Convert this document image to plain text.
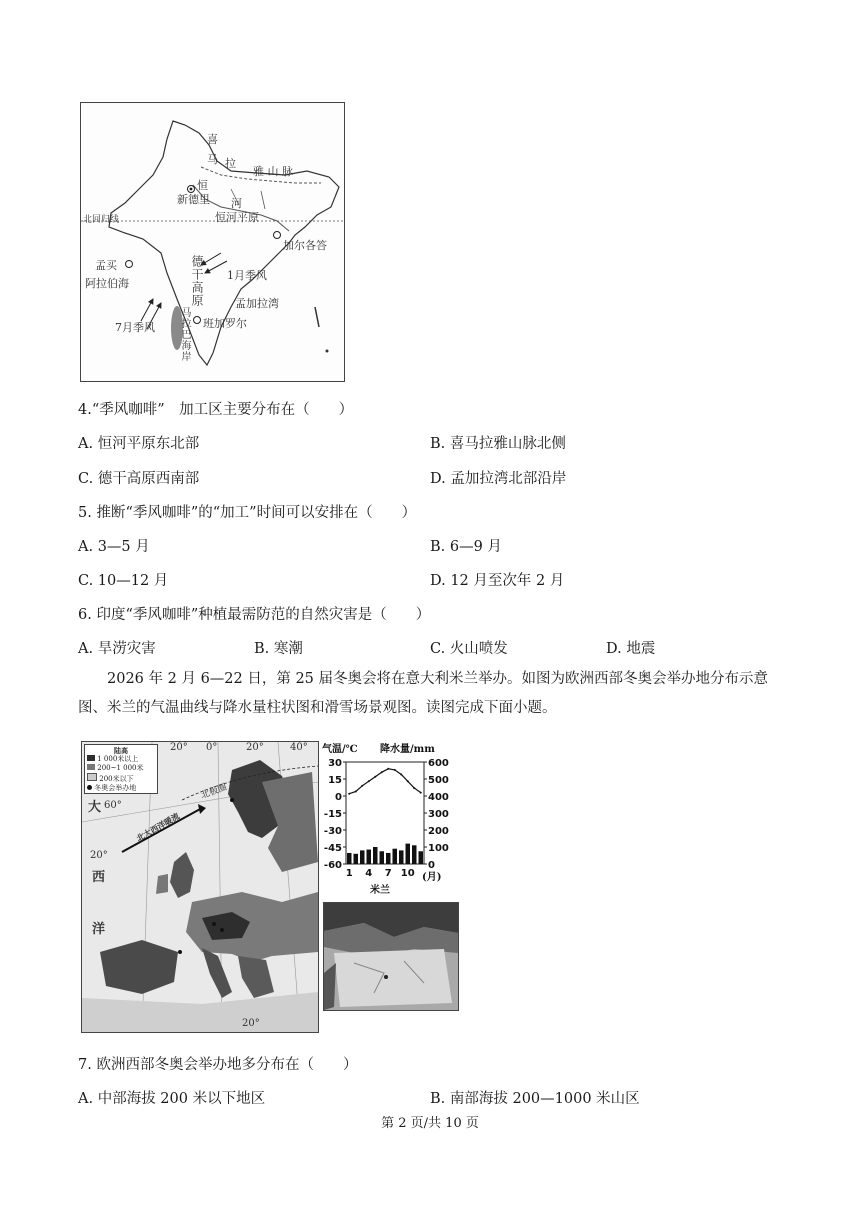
喜
马 拉
雅 山 脉
恒
新德里 河
恒河平原
北回归线
加尔各答
孟买
阿拉伯海	德干高原 1月季风
孟加拉湾
7月季风	班加罗尔
马拉巴海岸
4.“季风咖啡”　加工区主要分布在（　　）
A. 恒河平原东北部	B. 喜马拉雅山脉北侧
C. 德干高原西南部	D. 孟加拉湾北部沿岸
5. 推断“季风咖啡”的“加工”时间可以安排在（　　）
A. 3—5 月	B. 6—9 月
C. 10—12 月	D. 12 月至次年 2 月
6. 印度“季风咖啡”种植最需防范的自然灾害是（　　）
A. 旱涝灾害	B. 寒潮	C. 火山喷发	D. 地震
2026 年 2 月 6—22 日，第 25 届冬奥会将在意大利米兰举办。如图为欧洲西部冬奥会举办地分布示意图、米兰的气温曲线与降水量柱状图和滑雪场景观图。读图完成下面小题。
陆高
1 000米以上
200~1 000米
200米以下
冬奥会举办地
20° 0°	20°	40°
大 60°
20°
西
洋
北极圈
北大西洋暖流
20°
30
15
0
-15
-30
-45
-60
600
500
400
300
200
100
0
1 4 7 10
气温/℃ 降水量/mm
米兰
(月)
7. 欧洲西部冬奥会举办地多分布在（　　）
A. 中部海拔 200 米以下地区	B. 南部海拔 200—1000 米山区
第 2 页/共 10 页
